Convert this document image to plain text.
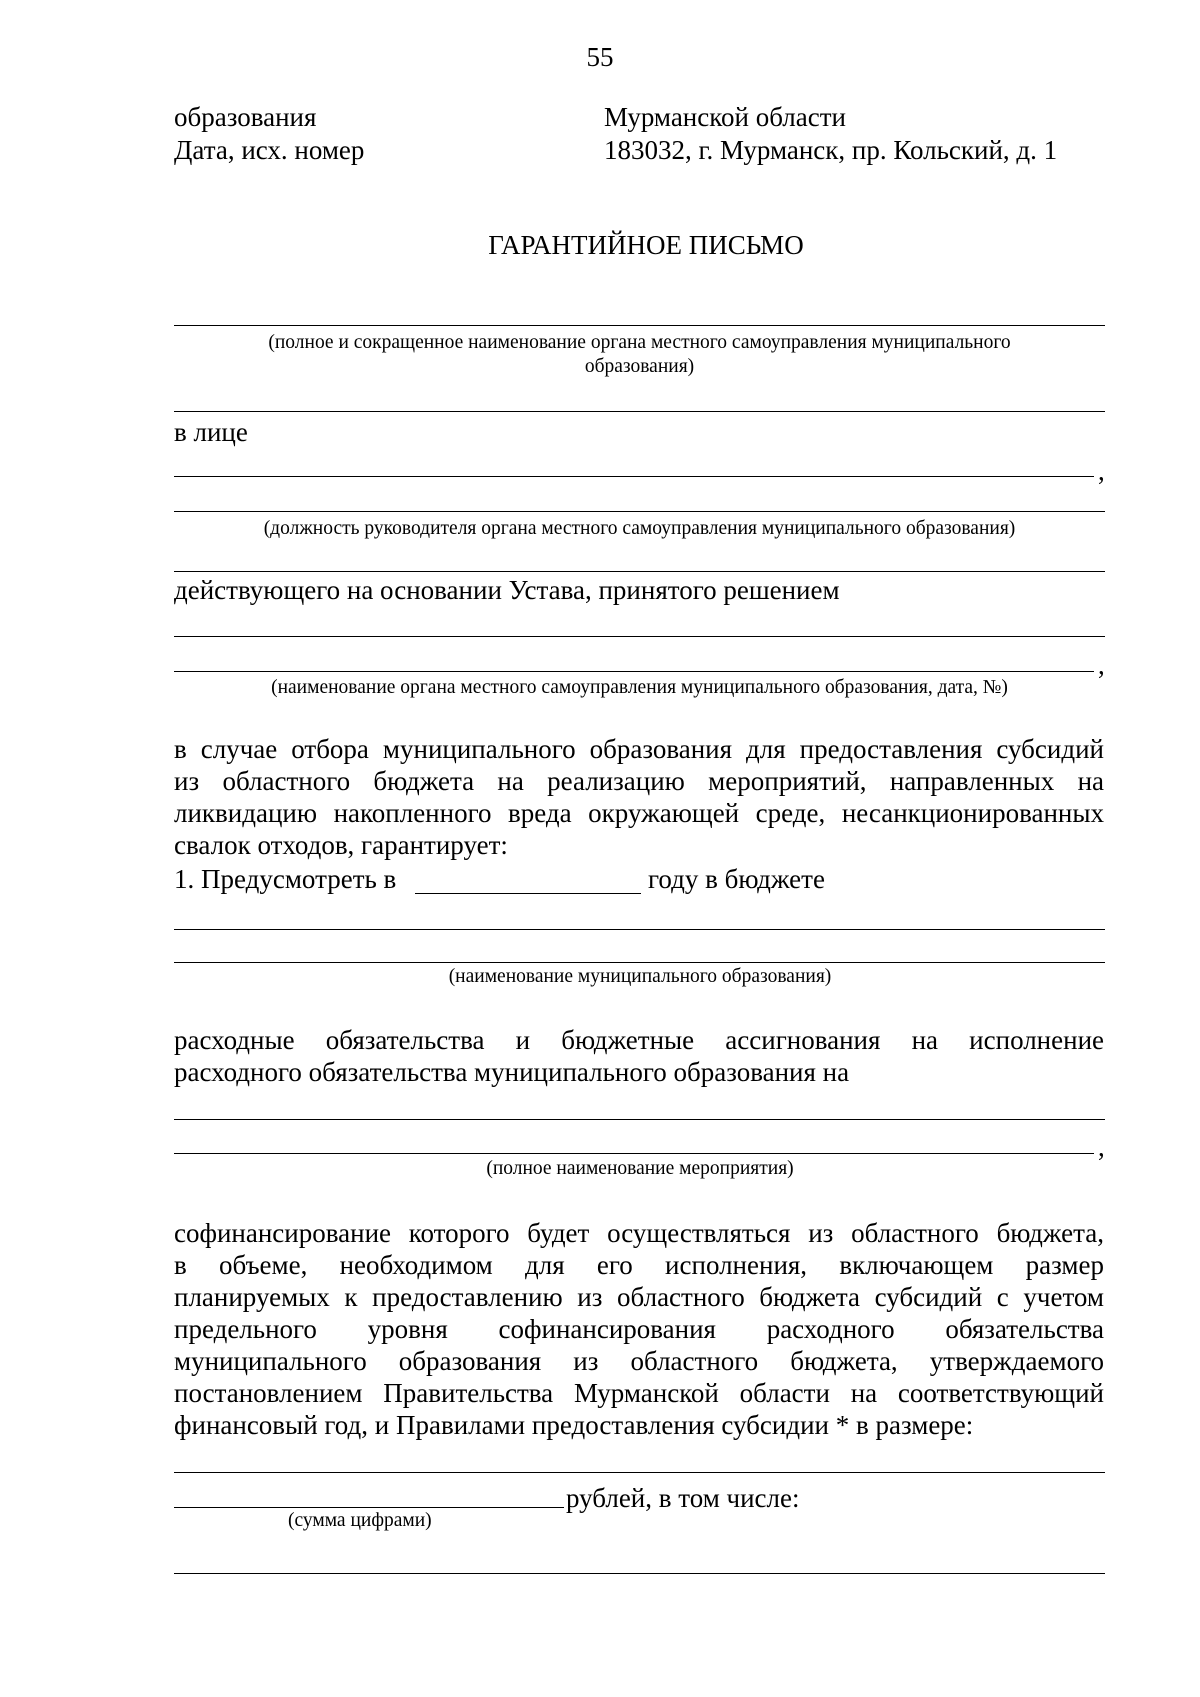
55
образования
Дата, исх. номер
Мурманской области
183032, г. Мурманск, пр. Кольский, д. 1
ГАРАНТИЙНОЕ ПИСЬМО
(полное и сокращенное наименование органа местного самоуправления муниципального
образования)
в лице
,
(должность руководителя органа местного самоуправления муниципального образования)
действующего на основании Устава, принятого решением
,
(наименование органа местного самоуправления муниципального образования, дата, №)
в случае отбора муниципального образования для предоставления субсидий
из областного бюджета на реализацию мероприятий, направленных на
ликвидацию накопленного вреда окружающей среде, несанкционированных
свалок отходов, гарантирует:
1. Предусмотреть в	году в бюджете
(наименование муниципального образования)
расходные обязательства и бюджетные ассигнования на исполнение
расходного обязательства муниципального образования на
,
(полное наименование мероприятия)
софинансирование которого будет осуществляться из областного бюджета,
в объеме, необходимом для его исполнения, включающем размер
планируемых к предоставлению из областного бюджета субсидий с учетом
предельного уровня софинансирования расходного обязательства
муниципального образования из областного бюджета, утверждаемого
постановлением Правительства Мурманской области на соответствующий
финансовый год, и Правилами предоставления субсидии * в размере:
рублей, в том числе:
(сумма цифрами)
